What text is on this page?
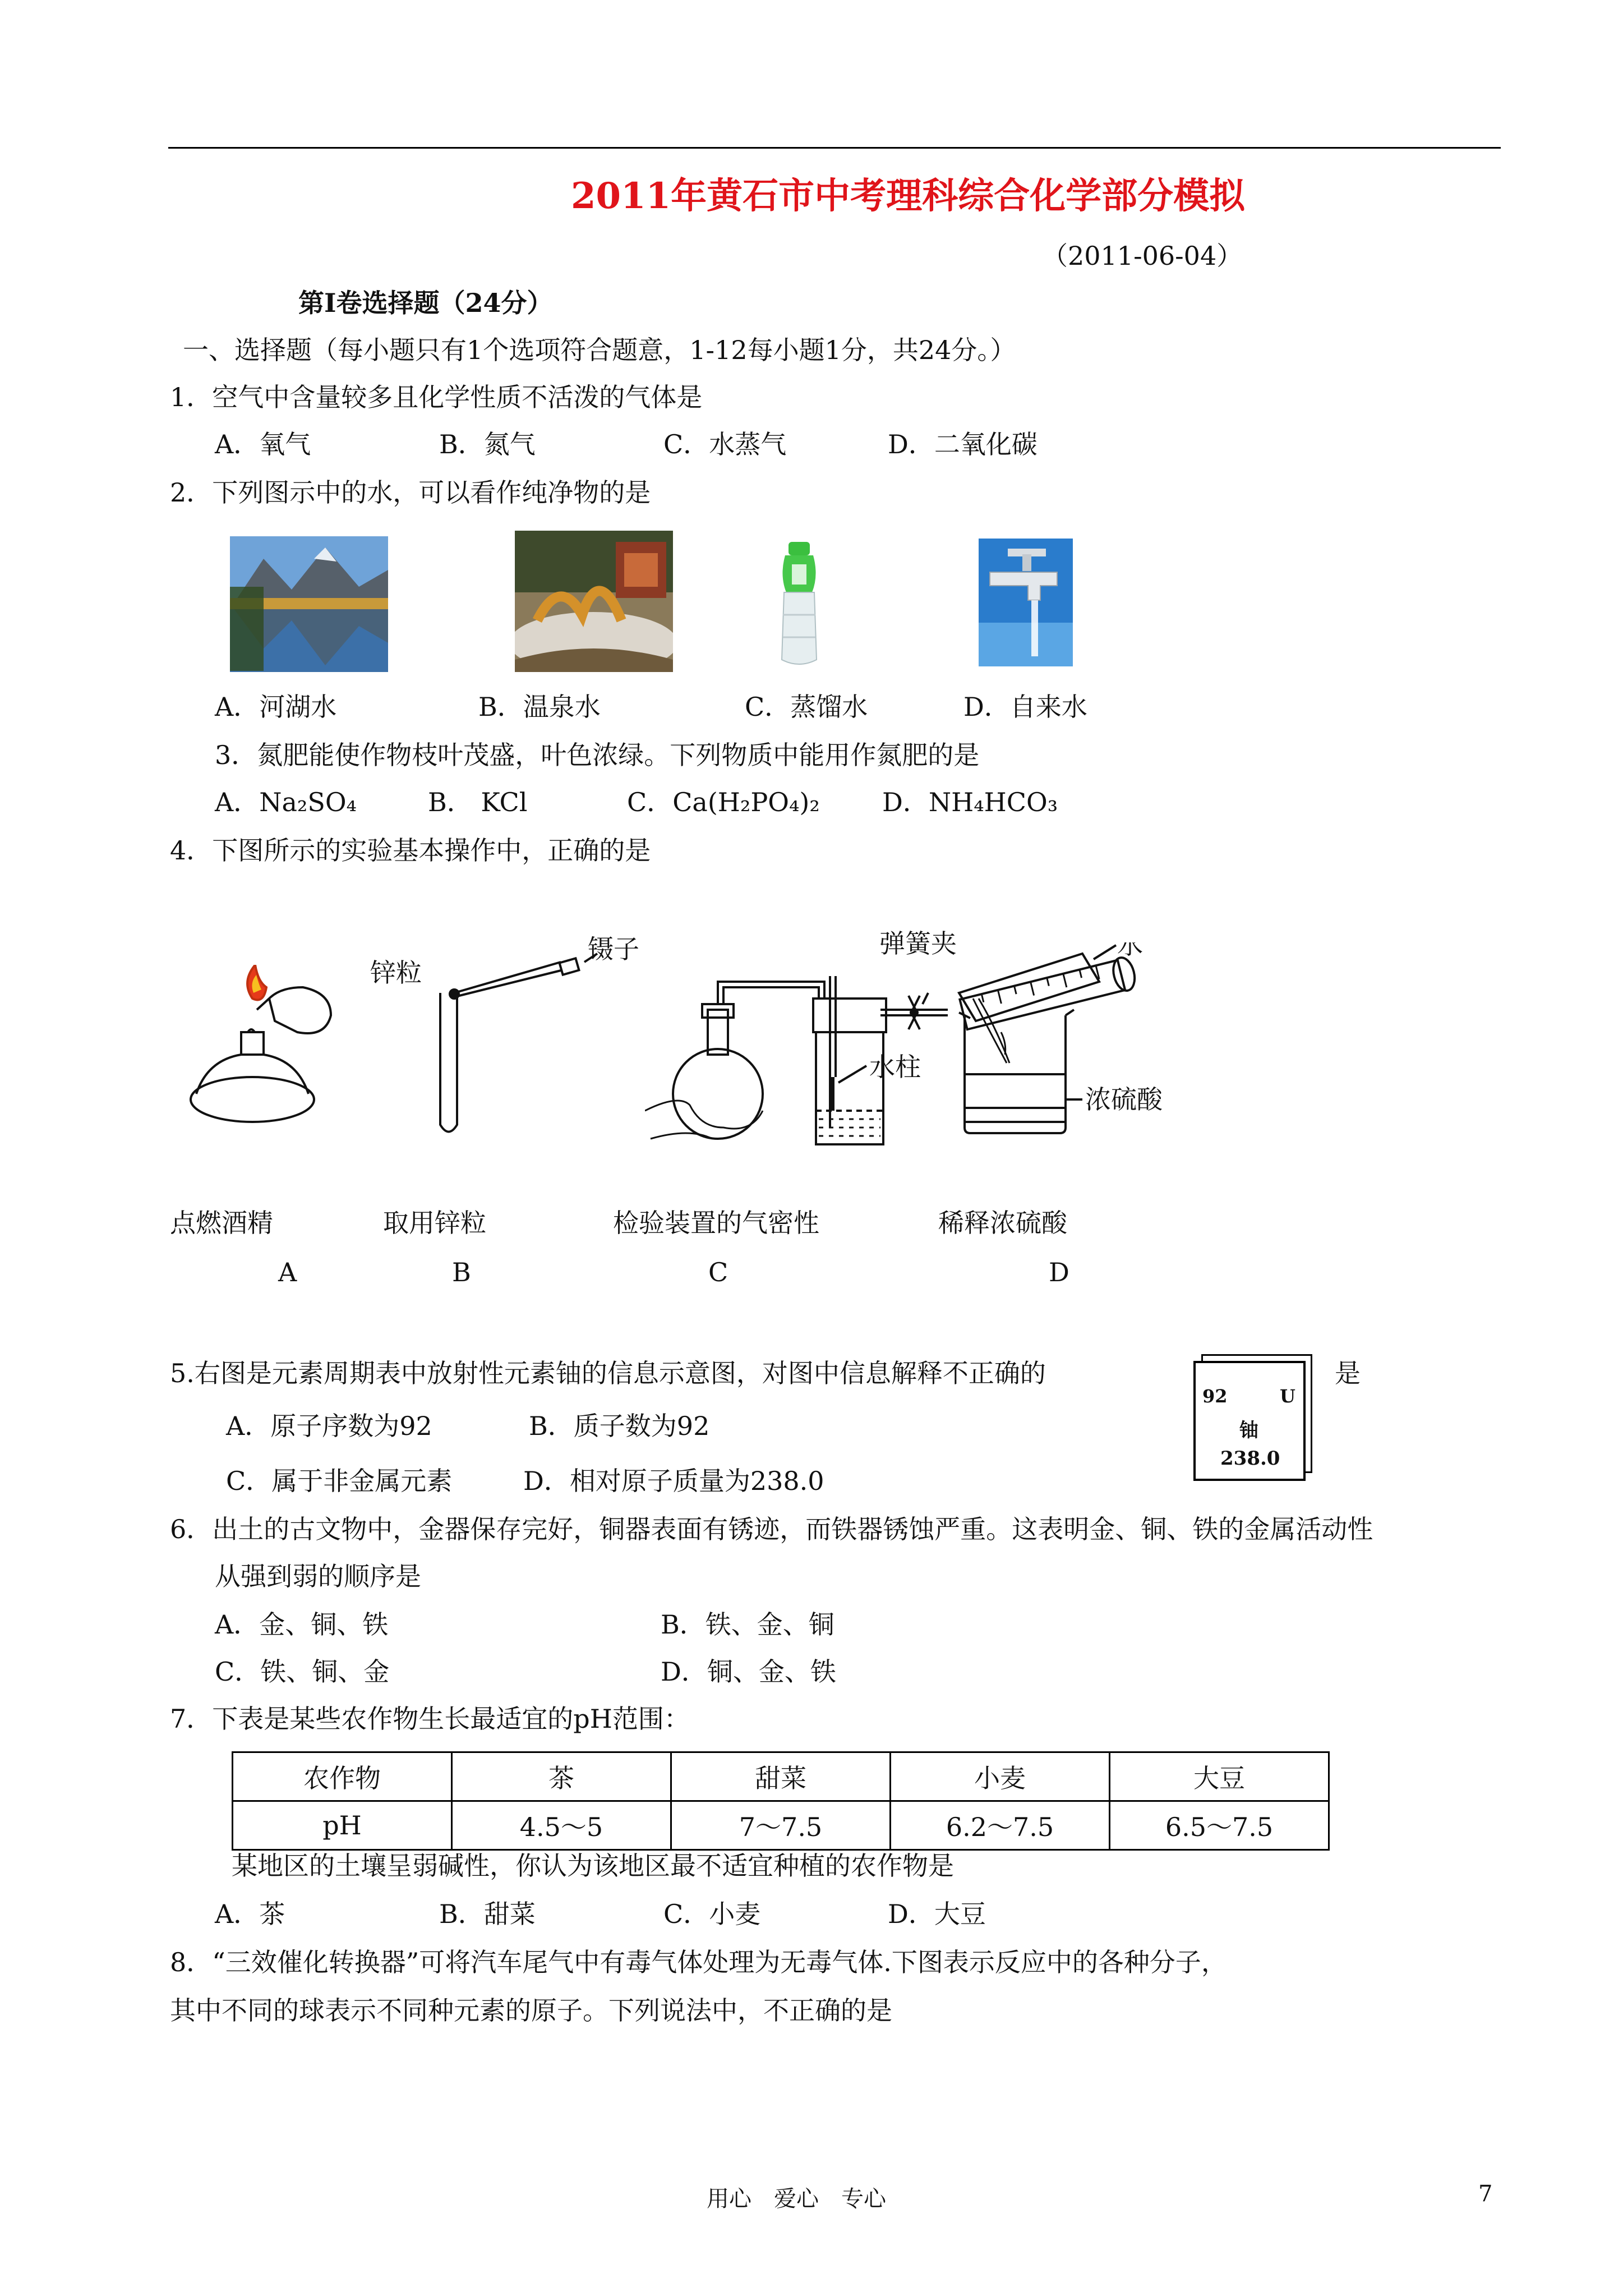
2011年黄石市中考理科综合化学部分模拟
（2011-06-04）
第Ⅰ卷选择题（24分）
一、选择题（每小题只有1个选项符合题意，1-12每小题1分，共24分。）
1．空气中含量较多且化学性质不活泼的气体是
A．氧气	B．氮气	C．水蒸气	D．二氧化碳
2．下列图示中的水，可以看作纯净物的是
A．河湖水	B．温泉水	C．蒸馏水	D．自来水
3．氮肥能使作物枝叶茂盛，叶色浓绿。下列物质中能用作氮肥的是
A．Na₂SO₄	B． KCl	C．Ca(H₂PO₄)₂ D．NH₄HCO₃
4．下图所示的实验基本操作中，正确的是
锌粒
镊子	弹簧夹
水柱
水
浓硫酸
点燃酒精	取用锌粒	检验装置的气密性	稀释浓硫酸
A	B	C	D
5.右图是元素周期表中放射性元素铀的信息示意图，对图中信息解释不正确的	是
92	U
铀
238.0
A．原子序数为92	B．质子数为92
C．属于非金属元素	D．相对原子质量为238.0
6．出土的古文物中，金器保存完好，铜器表面有锈迹，而铁器锈蚀严重。这表明金、铜、铁的金属活动性
从强到弱的顺序是
A．金、铜、铁	B．铁、金、铜
C．铁、铜、金	D．铜、金、铁
7．下表是某些农作物生长最适宜的pH范围：
农作物	茶	甜菜	小麦	大豆
pH	4.5～5	7～7.5	6.2～7.5	6.5～7.5
某地区的土壤呈弱碱性，你认为该地区最不适宜种植的农作物是
A．茶	B．甜菜	C．小麦	D．大豆
8．“三效催化转换器”可将汽车尾气中有毒气体处理为无毒气体.下图表示反应中的各种分子，
其中不同的球表示不同种元素的原子。下列说法中，不正确的是
用心　爱心　专心	7
